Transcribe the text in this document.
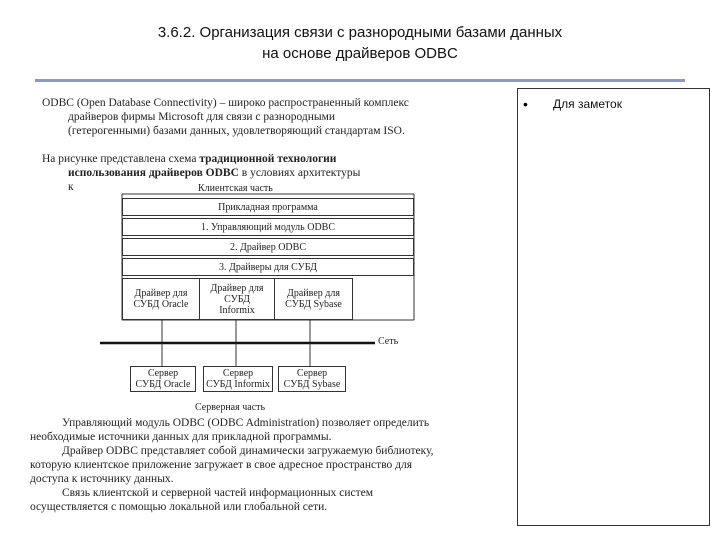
3.6.2. Организация связи с разнородными базами данных
на основе драйверов ODBC
ODBC (Open Database Connectivity) – широко распространенный комплекс
драйверов фирмы Microsoft для связи с разнородными
(гетерогенными) базами данных, удовлетворяющий стандартам ISO.
На рисунке представлена схема традиционной технологии
использования драйверов ODBC в условиях архитектуры
к	Клиентская часть
Прикладная программа
1. Управляющий модуль ODBC
2. Драйвер ODBC
3. Драйверы для СУБД
Драйвер для
СУБД Oracle
Драйвер для
СУБД
Informix
Драйвер для
СУБД Sybase
Сеть
Сервер
СУБД Oracle
Сервер
СУБД Informix
Сервер
СУБД Sybase
Серверная часть
Управляющий модуль ODBC (ODBC Administration) позволяет определить
необходимые источники данных для прикладной программы.
Драйвер ODBC представляет собой динамически загружаемую библиотеку,
которую клиентское приложение загружает в свое адресное пространство для
доступа к источнику данных.
Связь клиентской и серверной частей информационных систем
осуществляется с помощью локальной или глобальной сети.
• Для заметок
